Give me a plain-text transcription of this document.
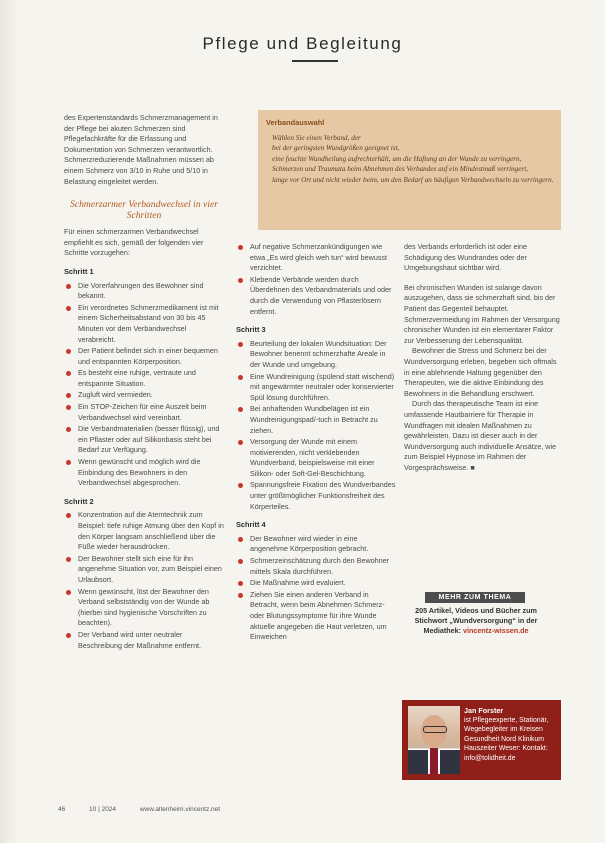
Pflege und Begleitung

des Expertenstandards Schmerzmanagement in der Pflege bei akuten Schmerzen sind Pflegefachkräfte für die Erfassung und Dokumentation von Schmerzen verantwortlich. Schmerzreduzierende Maßnahmen müssen ab einem Schmerz von 3/10 in Ruhe und 5/10 in Belastung eingeleitet werden.

Schmerzarmer Verbandwechsel in vier Schritten

Für einen schmerzarmen Verbandwechsel empfiehlt es sich, gemäß der folgenden vier Schritte vorzugehen:

Schritt 1
Die Vorerfahrungen des Bewohner sind bekannt.
Ein verordnetes Schmerzmedikament ist mit einem Sicherheitsabstand von 30 bis 45 Minuten vor dem Verbandwechsel verabreicht.
Der Patient befindet sich in einer bequemen und entspannten Körperposition.
Es besteht eine ruhige, vertraute und entspannte Situation.
Zugluft wird vermieden.
Ein STOP-Zeichen für eine Auszeit beim Verbandwechsel wird vereinbart.
Die Verbandmaterialien (besser flüssig), und ein Pflaster oder auf Silikonbasis steht bei Bedarf zur Verfügung.
Wenn gewünscht und möglich wird die Einbindung des Bewohners in den Verbandwechsel abgesprochen.
Schritt 2
Konzentration auf die Atemtechnik zum Beispiel: tiefe ruhige Atmung über den Kopf in den Körper langsam anschließend über die Füße wieder herausdrücken.
Der Bewohner stellt sich eine für ihn angenehme Situation vor, zum Beispiel einen Urlaubsort.
Wenn gewünscht, löst der Bewohner den Verband selbstständig von der Wunde ab (hierbei sind hygienische Vorschriften zu beachten).
Der Verband wird unter neutraler Beschreibung der Maßnahme entfernt.
Verbandauswahl

Wählen Sie einen Verband, der

bei der geringsten Wundgrößen geeignet ist,

eine feuchte Wundheilung aufrechterhält, um die Haftung an der Wunde zu verringern,

Schmerzen und Traumata beim Abnehmen des Verbandes auf ein Mindestmaß verringert,

lange vor Ort und nicht wieder beim, um den Bedarf an häufigen Verbandwechseln zu verringern.

Auf negative Schmerzankündigungen wie etwa „Es wird gleich weh tun“ wird bewusst verzichtet.
Klebende Verbände werden durch Überdehnen des Verbandmaterials und oder durch die Verwendung von Pflasterlösern entfernt.
Schritt 3
Beurteilung der lokalen Wundsituation: Der Bewohner benennt schmerzhafte Areale in der Wunde und umgebung.
Eine Wundreinigung (spülend statt wischend) mit angewärmter neutraler oder konservierter Spül lösung durchführen.
Bei anhaftenden Wundbelägen ist ein Wundreinigungspad/-tuch in Betracht zu ziehen.
Versorgung der Wunde mit einem motivierenden, nicht verklebenden Wundverband, beispielsweise mit einer Silikon- oder Soft-Gel-Beschichtung.
Spannungsfreie Fixation des Wundverbandes unter größtmöglicher Funktionsfreiheit des Körperteiles.
Schritt 4
Der Bewohner wird wieder in eine angenehme Körperposition gebracht.
Schmerzeinschätzung durch den Bewohner mittels Skala durchführen.
Die Maßnahme wird evaluiert.
Ziehen Sie einen anderen Verband in Betracht, wenn beim Abnehmen Schmerz- oder Blutungssymptome für ihre Wunde aktuelle angegeben die Haut verletzen, um Einweichen

des Verbands erforderlich ist oder eine Schädigung des Wundrandes oder der Umgebungshaut sichtbar wird.

Bei chronischen Wunden ist solange davon auszugehen, dass sie schmerzhaft sind, bis der Patient das Gegenteil behauptet. Schmerzvermeidung im Rahmen der Versorgung chronischer Wunden ist ein elementarer Faktor zur Verbesserung der Lebensqualität.

Bewohner die Stress und Schmerz bei der Wundversorgung erleben, begeben sich oftmals in eine ablehnende Haltung gegenüber den Therapeuten, wie die aktive Einbindung des Bewohners in die Behandlung erschwert.

Durch das therapeutische Team ist eine umfassende Hautbarriere für Therapie in Wundfragen mit idealen Maßnahmen zu gewährleisten. Dazu ist dieser auch in der Wundversorgung auch individuelle Ansätze, wie zum Beispiel Hypnose im Rahmen der Vorgesprächsweise. ■

MEHR ZUM THEMA
205 Artikel, Videos und Bücher zum Stichwort „Wundversorgung“ in der Mediathek: vincentz-wissen.de
Jan Forster
ist Pflegeexperte, Stationär, Wegebegleiter im Kreisen Gesundheit Nord Klinikum Hauszeiter Weser: Kontakt: info@tolidheit.de
46	10 | 2024	www.altenheim.vincentz.net
